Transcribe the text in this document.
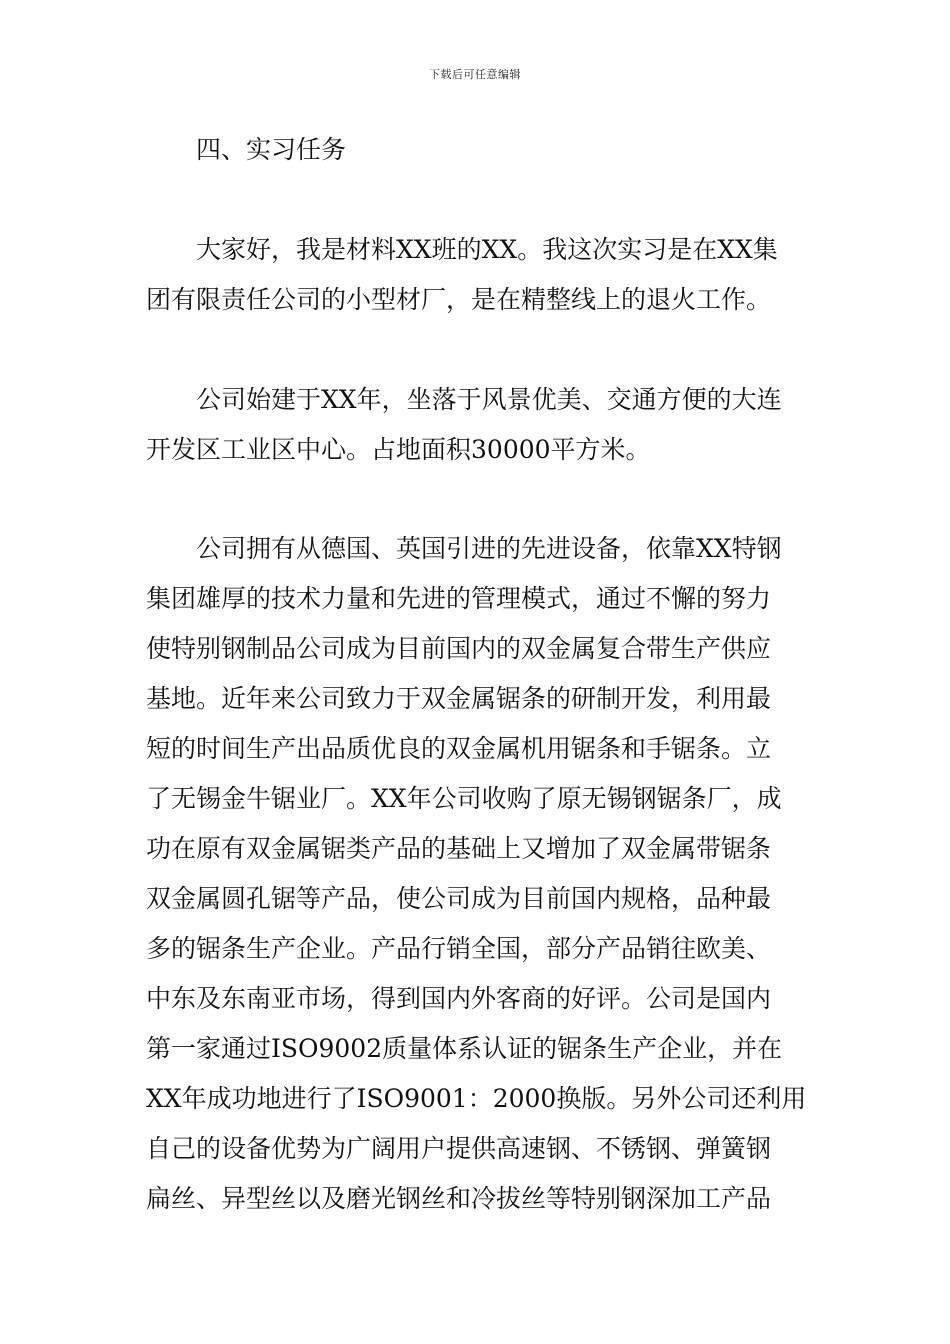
下载后可任意编辑
四、实习任务
大家好，我是材料XX班的XX。我这次实习是在XX集
团有限责任公司的小型材厂，是在精整线上的退火工作。
公司始建于XX年，坐落于风景优美、交通方便的大连
开发区工业区中心。占地面积30000平方米。
公司拥有从德国、英国引进的先进设备，依靠XX特钢
集团雄厚的技术力量和先进的管理模式，通过不懈的努力
使特别钢制品公司成为目前国内的双金属复合带生产供应
基地。近年来公司致力于双金属锯条的研制开发，利用最
短的时间生产出品质优良的双金属机用锯条和手锯条。立
了无锡金牛锯业厂。XX年公司收购了原无锡钢锯条厂，成
功在原有双金属锯类产品的基础上又增加了双金属带锯条
双金属圆孔锯等产品，使公司成为目前国内规格，品种最
多的锯条生产企业。产品行销全国，部分产品销往欧美、
中东及东南亚市场，得到国内外客商的好评。公司是国内
第一家通过ISO9002质量体系认证的锯条生产企业，并在
XX年成功地进行了ISO9001：2000换版。另外公司还利用
自己的设备优势为广阔用户提供高速钢、不锈钢、弹簧钢
扁丝、异型丝以及磨光钢丝和冷拔丝等特别钢深加工产品
